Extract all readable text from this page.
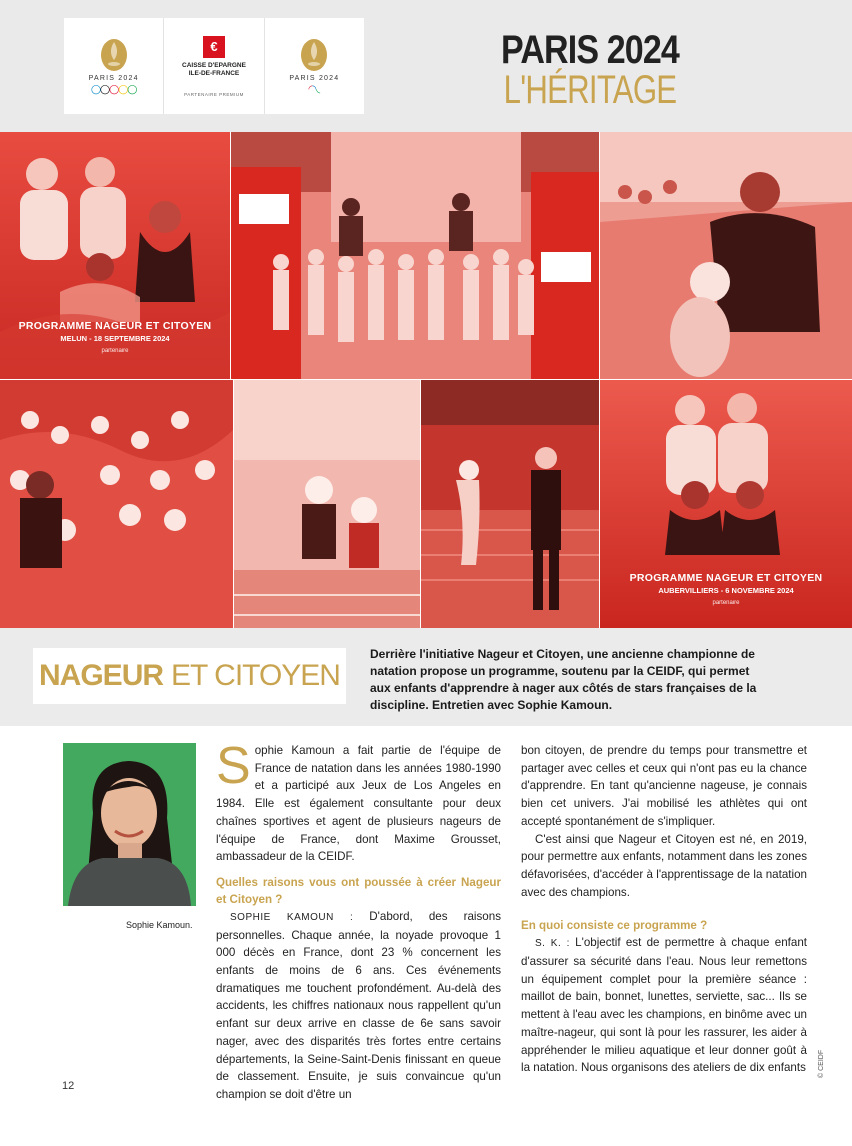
PARIS 2024
◯◯◯◯◯
€
CAISSE D'EPARGNE
ILE-DE-FRANCE
PARTENAIRE PREMIUM
PARIS 2024
◜◝◟
PARIS 2024
L'HÉRITAGE
PROGRAMME NAGEUR ET CITOYEN
MELUN - 18 SEPTEMBRE 2024
partenaire
PROGRAMME NAGEUR ET CITOYEN
AUBERVILLIERS - 6 NOVEMBRE 2024
partenaire
NAGEUR ET CITOYEN
Derrière l'initiative Nageur et Citoyen, une ancienne championne de natation propose un programme, soutenu par la CEIDF, qui permet aux enfants d'apprendre à nager aux côtés de stars françaises de la discipline. Entretien avec Sophie Kamoun.
Sophie Kamoun.

Sophie Kamoun a fait partie de l'équipe de France de natation dans les années 1980-1990 et a participé aux Jeux de Los Angeles en 1984. Elle est également consultante pour deux chaînes sportives et agent de plusieurs nageurs de l'équipe de France, dont Maxime Grousset, ambassadeur de la CEIDF.

Quelles raisons vous ont poussée à créer Nageur et Citoyen ?

SOPHIE KAMOUN : D'abord, des raisons personnelles. Chaque année, la noyade provoque 1 000 décès en France, dont 23 % concernent les enfants de moins de 6 ans. Ces événements dramatiques me touchent profondément. Au-delà des accidents, les chiffres nationaux nous rappellent qu'un enfant sur deux arrive en classe de 6e sans savoir nager, avec des disparités très fortes entre certains départements, la Seine-Saint-Denis finissant en queue de classement. Ensuite, je suis convaincue qu'un champion se doit d'être un

bon citoyen, de prendre du temps pour transmettre et partager avec celles et ceux qui n'ont pas eu la chance d'apprendre. En tant qu'ancienne nageuse, je connais bien cet univers. J'ai mobilisé les athlètes qui ont accepté spontanément de s'impliquer.

C'est ainsi que Nageur et Citoyen est né, en 2019, pour permettre aux enfants, notamment dans les zones défavorisées, d'accéder à l'apprentissage de la natation avec des champions.

En quoi consiste ce programme ?

S. K. : L'objectif est de permettre à chaque enfant d'assurer sa sécurité dans l'eau. Nous leur remettons un équipement complet pour la première séance : maillot de bain, bonnet, lunettes, serviette, sac... Ils se mettent à l'eau avec les champions, en binôme avec un maître-nageur, qui sont là pour les rassurer, les aider à appréhender le milieu aquatique et leur donner goût à la natation. Nous organisons des ateliers de dix enfants

12
© CEIDF
